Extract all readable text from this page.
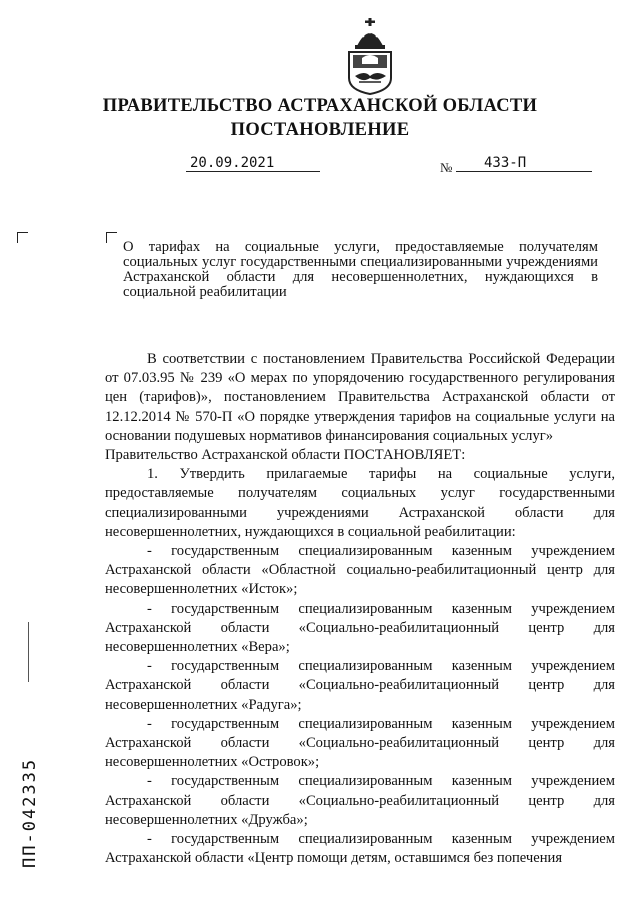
ПРАВИТЕЛЬСТВО АСТРАХАНСКОЙ ОБЛАСТИ
ПОСТАНОВЛЕНИЕ
20.09.2021	№	433-П
О тарифах на социальные услуги, предоставляемые получателям социальных услуг государственными специализированными учреждениями Астраханской области для несовершеннолетних, нуждающихся в социальной реабилитации

В соответствии с постановлением Правительства Российской Федерации от 07.03.95 № 239 «О мерах по упорядочению государственного регулирования цен (тарифов)», постановлением Правительства Астраханской области от 12.12.2014 № 570-П «О порядке утверждения тарифов на социальные услуги на основании подушевых нормативов финансирования социальных услуг»

Правительство Астраханской области ПОСТАНОВЛЯЕТ:

1. Утвердить прилагаемые тарифы на социальные услуги, предоставляемые получателям социальных услуг государственными специализированными учреждениями Астраханской области для несовершеннолетних, нуждающихся в социальной реабилитации:

- государственным специализированным казенным учреждением Астраханской области «Областной социально-реабилитационный центр для несовершеннолетних «Исток»;

- государственным специализированным казенным учреждением Астраханской области «Социально-реабилитационный центр для несовершеннолетних «Вера»;

- государственным специализированным казенным учреждением Астраханской области «Социально-реабилитационный центр для несовершеннолетних «Радуга»;

- государственным специализированным казенным учреждением Астраханской области «Социально-реабилитационный центр для несовершеннолетних «Островок»;

- государственным специализированным казенным учреждением Астраханской области «Социально-реабилитационный центр для несовершеннолетних «Дружба»;

- государственным специализированным казенным учреждением Астраханской области «Центр помощи детям, оставшимся без попечения

ПП-042335
